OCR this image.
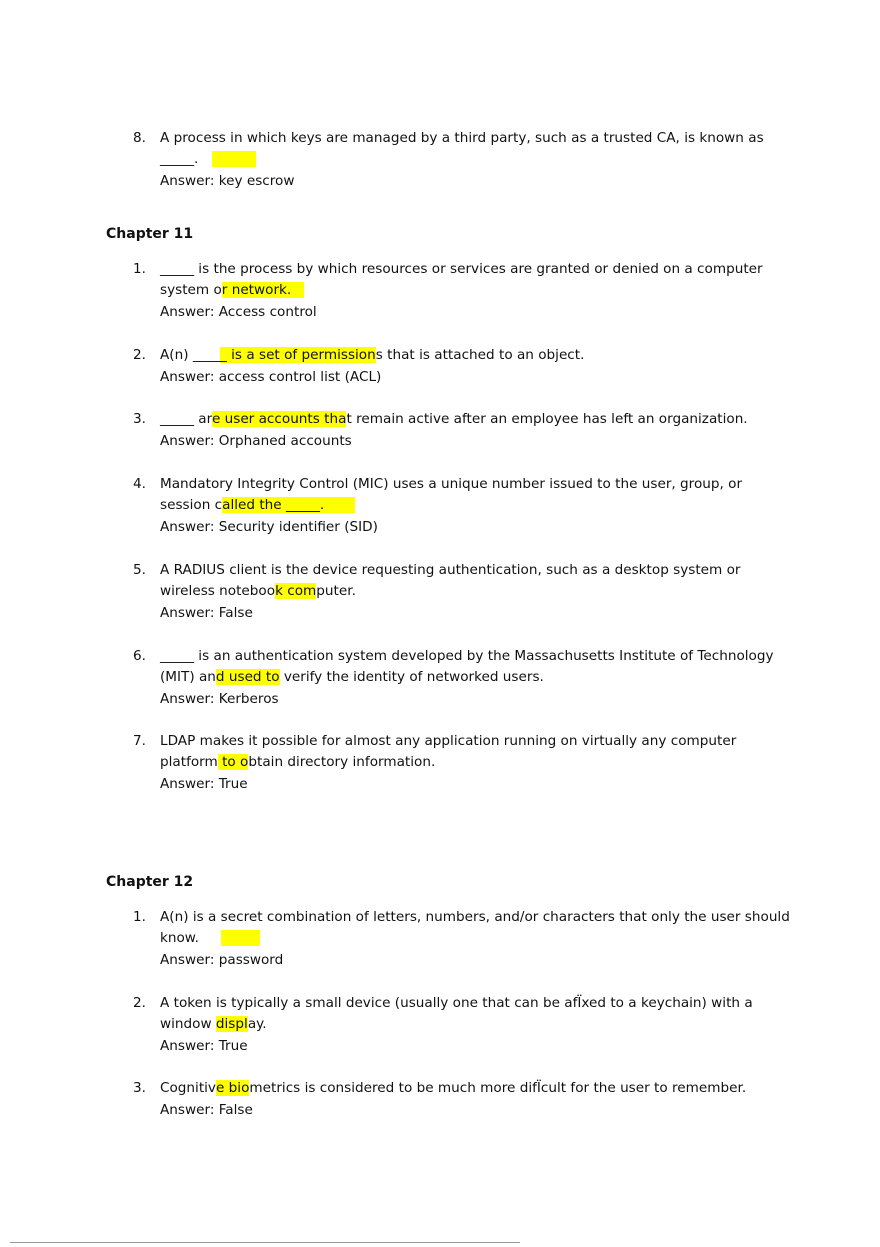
8. A process in which keys are managed by a third party, such as a trusted CA, is known as _____.
Answer: key escrow
Chapter 11
1. _____ is the process by which resources or services are granted or denied on a computer system or network.
Answer: Access control
2. A(n) _____ is a set of permissions that is attached to an object.
Answer: access control list (ACL)
3. _____ are user accounts that remain active after an employee has left an organization.
Answer: Orphaned accounts
4. Mandatory Integrity Control (MIC) uses a unique number issued to the user, group, or session called the _____.
Answer: Security identifier (SID)
5. A RADIUS client is the device requesting authentication, such as a desktop system or wireless notebook computer.
Answer: False
6. _____ is an authentication system developed by the Massachusetts Institute of Technology (MIT) and used to verify the identity of networked users.
Answer: Kerberos
7. LDAP makes it possible for almost any application running on virtually any computer platform to obtain directory information.
Answer: True
Chapter 12
1. A(n) is a secret combination of letters, numbers, and/or characters that only the user should know.
Answer: password
2. A token is typically a small device (usually one that can be afÏxed to a keychain) with a window display.
Answer: True
3. Cognitive biometrics is considered to be much more difÏcult for the user to remember.
Answer: False
